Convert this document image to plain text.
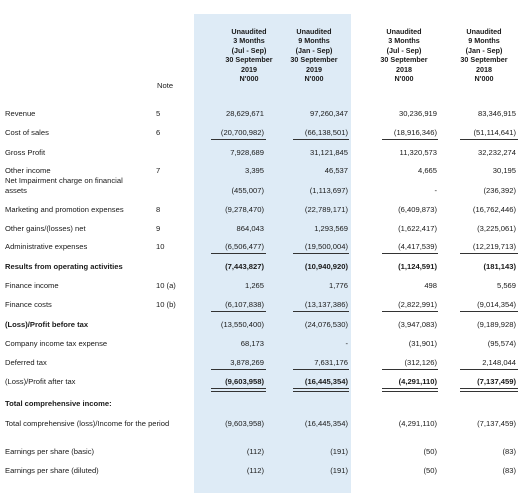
Unaudited
3 Months
(Jul - Sep)
30 September
2019
N'000
Unaudited
9 Months
(Jan - Sep)
30 September
2019
N'000
Unaudited
3 Months
(Jul - Sep)
30 September
2018
N'000
Unaudited
9 Months
(Jan - Sep)
30 September
2018
N'000
Note
Revenue	5	28,629,671	97,260,347	30,236,919	83,346,915
Cost of sales	6	(20,700,982)	(66,138,501)	(18,916,346)	(51,114,641)
Gross Profit	7,928,689	31,121,845	11,320,573	32,232,274
Other income	7	3,395	46,537	4,665	30,195
Net Impairment charge on financial
assets	(455,007)	(1,113,697)	-	(236,392)
Marketing and promotion expenses	8	(9,278,470)	(22,789,171)	(6,409,873)	(16,762,446)
Other gains/(losses) net	9	864,043	1,293,569	(1,622,417)	(3,225,061)
Administrative expenses	10	(6,506,477)	(19,500,004)	(4,417,539)	(12,219,713)
Results from operating activities	(7,443,827)	(10,940,920)	(1,124,591)	(181,143)
Finance income	10 (a)	1,265	1,776	498	5,569
Finance costs	10 (b)	(6,107,838)	(13,137,386)	(2,822,991)	(9,014,354)
(Loss)/Profit before tax	(13,550,400)	(24,076,530)	(3,947,083)	(9,189,928)
Company income tax expense	68,173	-	(31,901)	(95,574)
Deferred tax	3,878,269	7,631,176	(312,126)	2,148,044
(Loss)/Profit after tax	(9,603,958)	(16,445,354)	(4,291,110)	(7,137,459)
Total comprehensive income:
Total comprehensive (loss)/Income for the period	(9,603,958)	(16,445,354)	(4,291,110)	(7,137,459)
Earnings per share (basic)	(112)	(191)	(50)	(83)
Earnings per share (diluted)	(112)	(191)	(50)	(83)
